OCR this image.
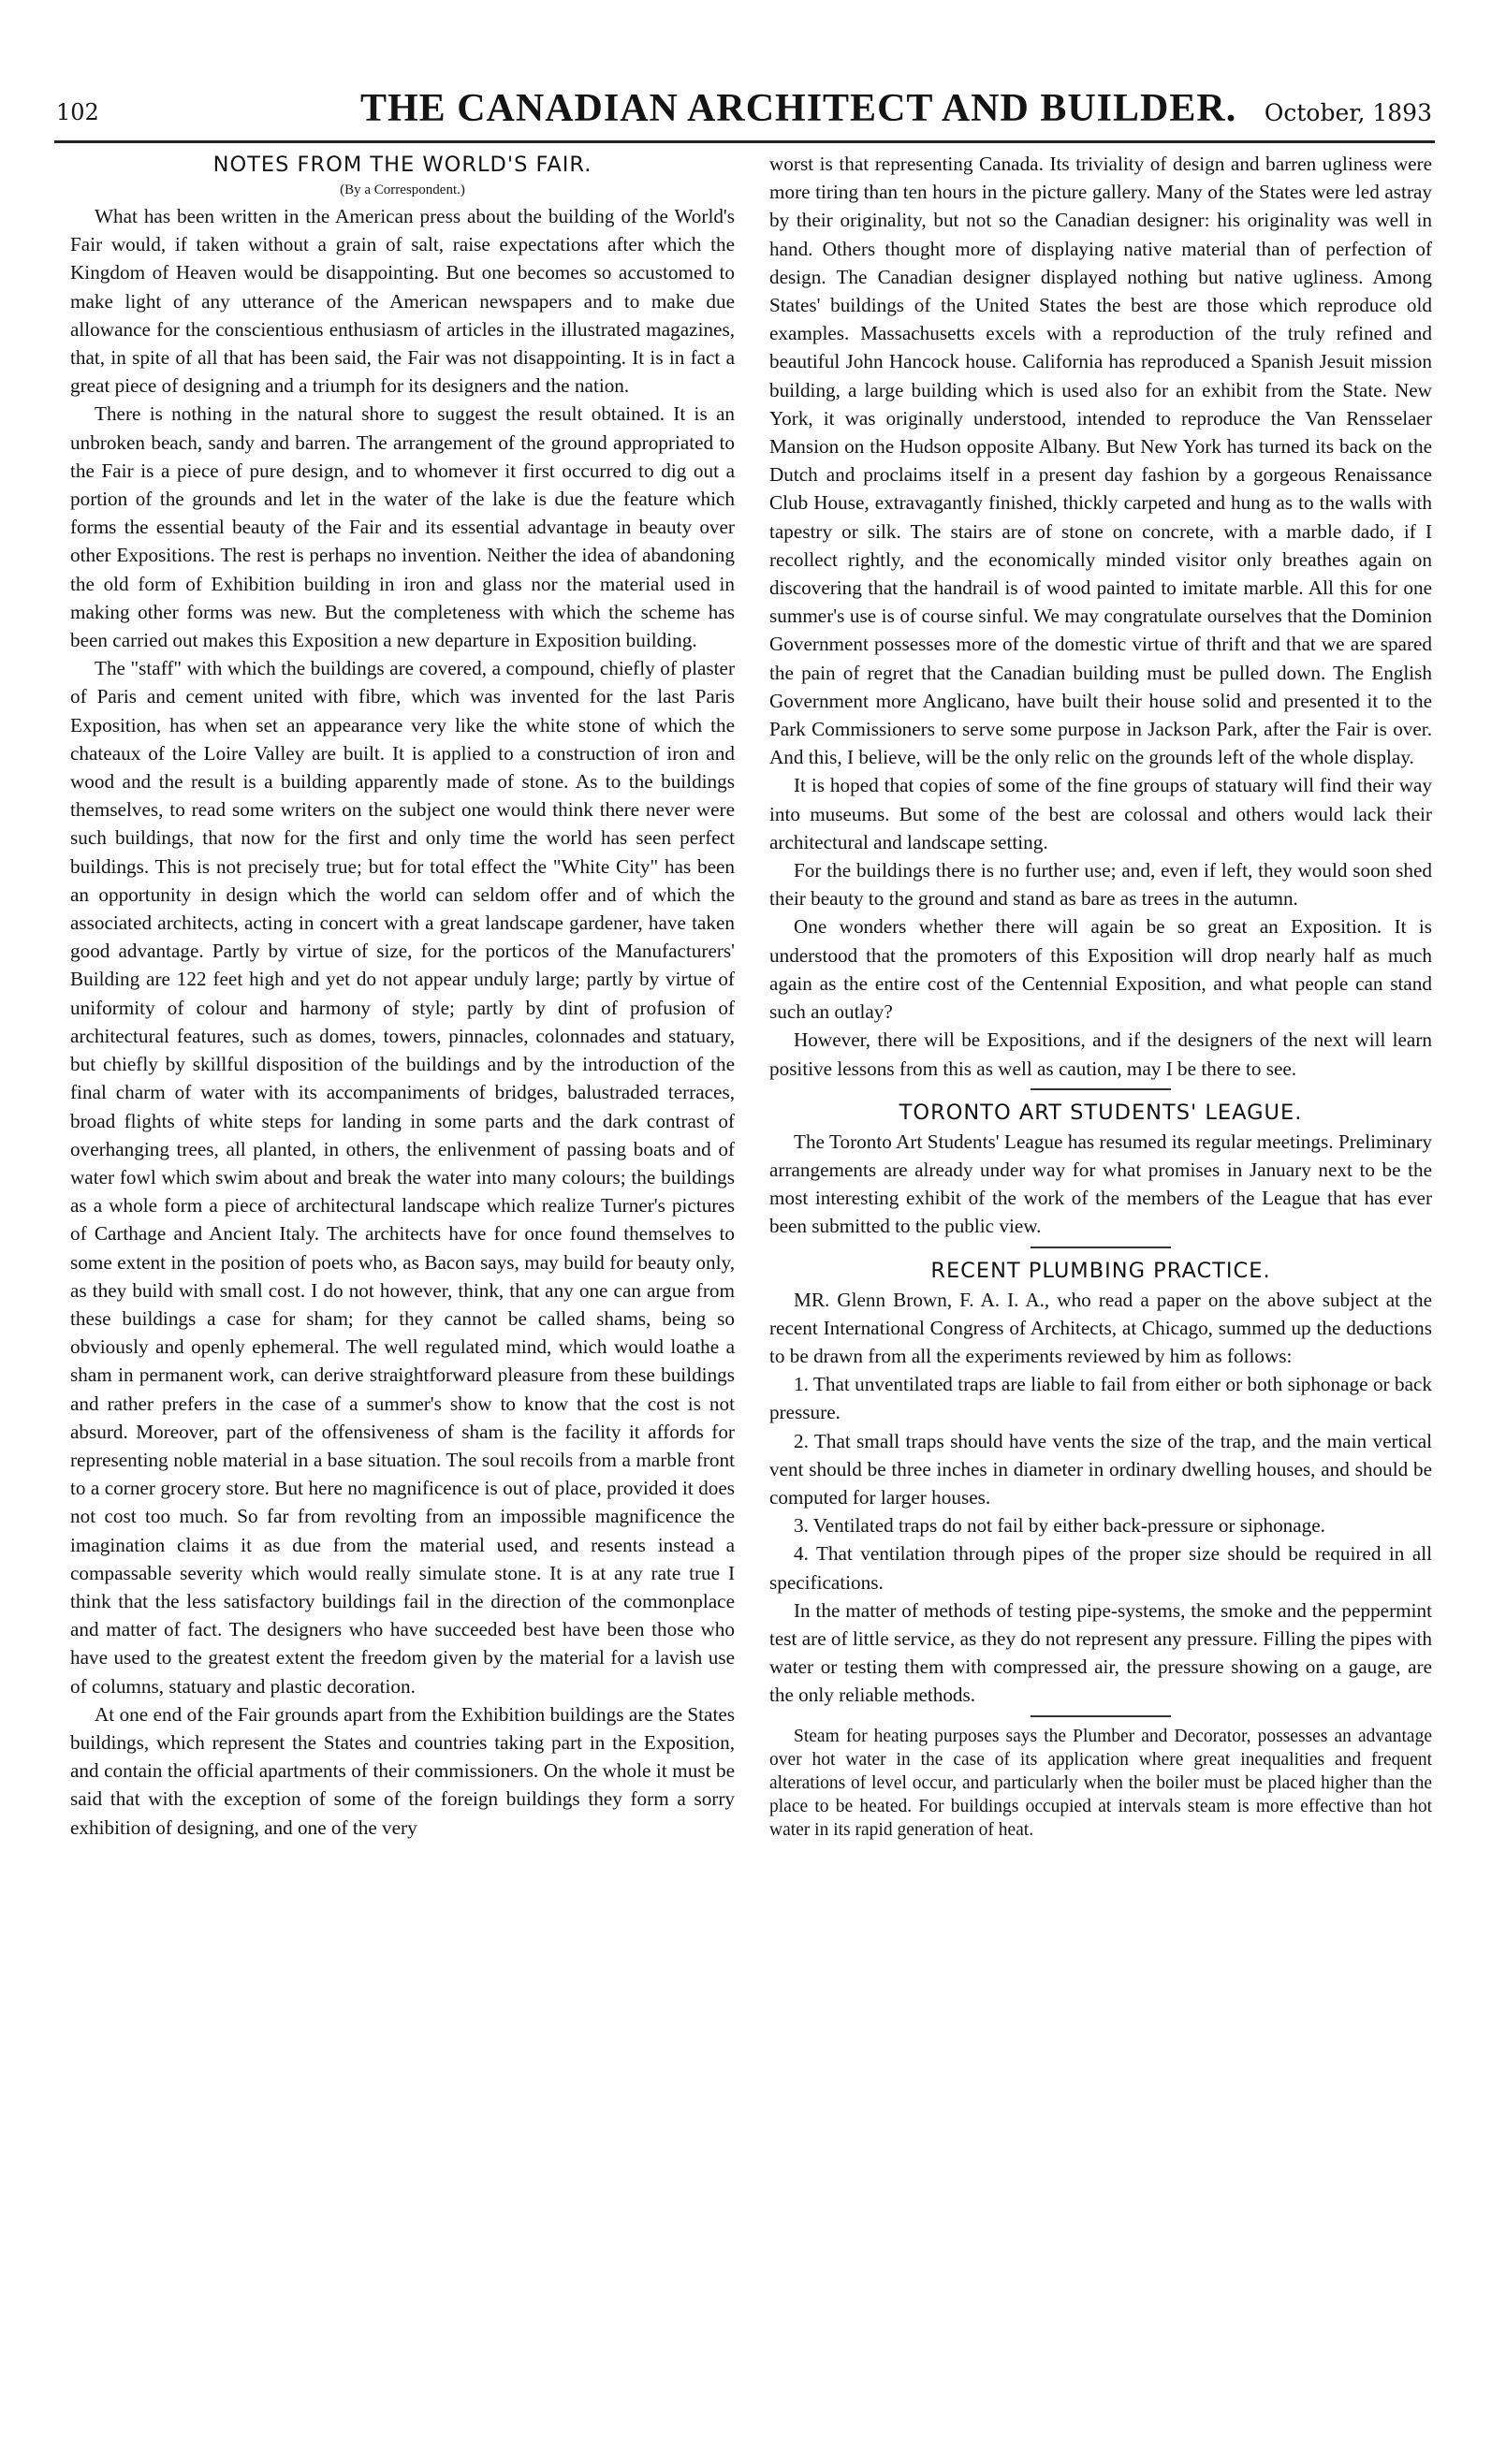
102	THE CANADIAN ARCHITECT AND BUILDER. October, 1893
NOTES FROM THE WORLD'S FAIR.
(By a Correspondent.)

What has been written in the American press about the building of the World's Fair would, if taken without a grain of salt, raise expectations after which the Kingdom of Heaven would be disappointing. But one becomes so accustomed to make light of any utterance of the American newspapers and to make due allowance for the conscientious enthusiasm of articles in the illustrated magazines, that, in spite of all that has been said, the Fair was not disappointing. It is in fact a great piece of designing and a triumph for its designers and the nation.

There is nothing in the natural shore to suggest the result obtained. It is an unbroken beach, sandy and barren. The arrangement of the ground appropriated to the Fair is a piece of pure design, and to whomever it first occurred to dig out a portion of the grounds and let in the water of the lake is due the feature which forms the essential beauty of the Fair and its essential advantage in beauty over other Expositions. The rest is perhaps no invention. Neither the idea of abandoning the old form of Exhibition building in iron and glass nor the material used in making other forms was new. But the completeness with which the scheme has been carried out makes this Exposition a new departure in Exposition building.

The "staff" with which the buildings are covered, a compound, chiefly of plaster of Paris and cement united with fibre, which was invented for the last Paris Exposition, has when set an appearance very like the white stone of which the chateaux of the Loire Valley are built. It is applied to a construction of iron and wood and the result is a building apparently made of stone. As to the buildings themselves, to read some writers on the subject one would think there never were such buildings, that now for the first and only time the world has seen perfect buildings. This is not precisely true; but for total effect the "White City" has been an opportunity in design which the world can seldom offer and of which the associated architects, acting in concert with a great landscape gardener, have taken good advantage. Partly by virtue of size, for the porticos of the Manufacturers' Building are 122 feet high and yet do not appear unduly large; partly by virtue of uniformity of colour and harmony of style; partly by dint of profusion of architectural features, such as domes, towers, pinnacles, colonnades and statuary, but chiefly by skillful disposition of the buildings and by the introduction of the final charm of water with its accompaniments of bridges, balustraded terraces, broad flights of white steps for landing in some parts and the dark contrast of overhanging trees, all planted, in others, the enlivenment of passing boats and of water fowl which swim about and break the water into many colours; the buildings as a whole form a piece of architectural landscape which realize Turner's pictures of Carthage and Ancient Italy. The architects have for once found themselves to some extent in the position of poets who, as Bacon says, may build for beauty only, as they build with small cost. I do not however, think, that any one can argue from these buildings a case for sham; for they cannot be called shams, being so obviously and openly ephemeral. The well regulated mind, which would loathe a sham in permanent work, can derive straightforward pleasure from these buildings and rather prefers in the case of a summer's show to know that the cost is not absurd. Moreover, part of the offensiveness of sham is the facility it affords for representing noble material in a base situation. The soul recoils from a marble front to a corner grocery store. But here no magnificence is out of place, provided it does not cost too much. So far from revolting from an impossible magnificence the imagination claims it as due from the material used, and resents instead a compassable severity which would really simulate stone. It is at any rate true I think that the less satisfactory buildings fail in the direction of the commonplace and matter of fact. The designers who have succeeded best have been those who have used to the greatest extent the freedom given by the material for a lavish use of columns, statuary and plastic decoration.

At one end of the Fair grounds apart from the Exhibition buildings are the States buildings, which represent the States and countries taking part in the Exposition, and contain the official apartments of their commissioners. On the whole it must be said that with the exception of some of the foreign buildings they form a sorry exhibition of designing, and one of the very

worst is that representing Canada. Its triviality of design and barren ugliness were more tiring than ten hours in the picture gallery. Many of the States were led astray by their originality, but not so the Canadian designer: his originality was well in hand. Others thought more of displaying native material than of perfection of design. The Canadian designer displayed nothing but native ugliness. Among States' buildings of the United States the best are those which reproduce old examples. Massachusetts excels with a reproduction of the truly refined and beautiful John Hancock house. California has reproduced a Spanish Jesuit mission building, a large building which is used also for an exhibit from the State. New York, it was originally understood, intended to reproduce the Van Rensselaer Mansion on the Hudson opposite Albany. But New York has turned its back on the Dutch and proclaims itself in a present day fashion by a gorgeous Renaissance Club House, extravagantly finished, thickly carpeted and hung as to the walls with tapestry or silk. The stairs are of stone on concrete, with a marble dado, if I recollect rightly, and the economically minded visitor only breathes again on discovering that the handrail is of wood painted to imitate marble. All this for one summer's use is of course sinful. We may congratulate ourselves that the Dominion Government possesses more of the domestic virtue of thrift and that we are spared the pain of regret that the Canadian building must be pulled down. The English Government more Anglicano, have built their house solid and presented it to the Park Commissioners to serve some purpose in Jackson Park, after the Fair is over. And this, I believe, will be the only relic on the grounds left of the whole display.

It is hoped that copies of some of the fine groups of statuary will find their way into museums. But some of the best are colossal and others would lack their architectural and landscape setting.

For the buildings there is no further use; and, even if left, they would soon shed their beauty to the ground and stand as bare as trees in the autumn.

One wonders whether there will again be so great an Exposition. It is understood that the promoters of this Exposition will drop nearly half as much again as the entire cost of the Centennial Exposition, and what people can stand such an outlay?

However, there will be Expositions, and if the designers of the next will learn positive lessons from this as well as caution, may I be there to see.

TORONTO ART STUDENTS' LEAGUE.

The Toronto Art Students' League has resumed its regular meetings. Preliminary arrangements are already under way for what promises in January next to be the most interesting exhibit of the work of the members of the League that has ever been submitted to the public view.

RECENT PLUMBING PRACTICE.

MR. Glenn Brown, F. A. I. A., who read a paper on the above subject at the recent International Congress of Architects, at Chicago, summed up the deductions to be drawn from all the experiments reviewed by him as follows:

1. That unventilated traps are liable to fail from either or both siphonage or back pressure.

2. That small traps should have vents the size of the trap, and the main vertical vent should be three inches in diameter in ordinary dwelling houses, and should be computed for larger houses.

3. Ventilated traps do not fail by either back-pressure or siphonage.

4. That ventilation through pipes of the proper size should be required in all specifications.

In the matter of methods of testing pipe-systems, the smoke and the peppermint test are of little service, as they do not represent any pressure. Filling the pipes with water or testing them with compressed air, the pressure showing on a gauge, are the only reliable methods.

Steam for heating purposes says the Plumber and Decorator, possesses an advantage over hot water in the case of its application where great inequalities and frequent alterations of level occur, and particularly when the boiler must be placed higher than the place to be heated. For buildings occupied at intervals steam is more effective than hot water in its rapid generation of heat.
